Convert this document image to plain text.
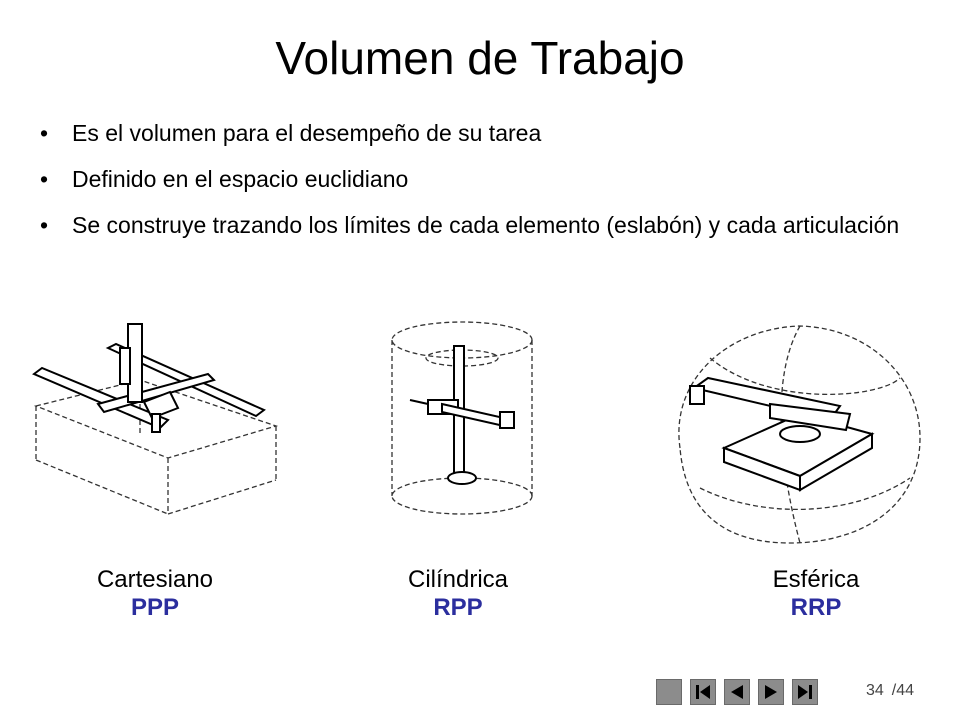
Volumen de Trabajo
•	Es el volumen para el desempeño de su tarea
•	Definido en el espacio euclidiano
•	Se construye trazando los límites de cada elemento (eslabón) y cada articulación
Cartesiano
PPP
Cilíndrica
RPP
Esférica
RRP
34 /44
